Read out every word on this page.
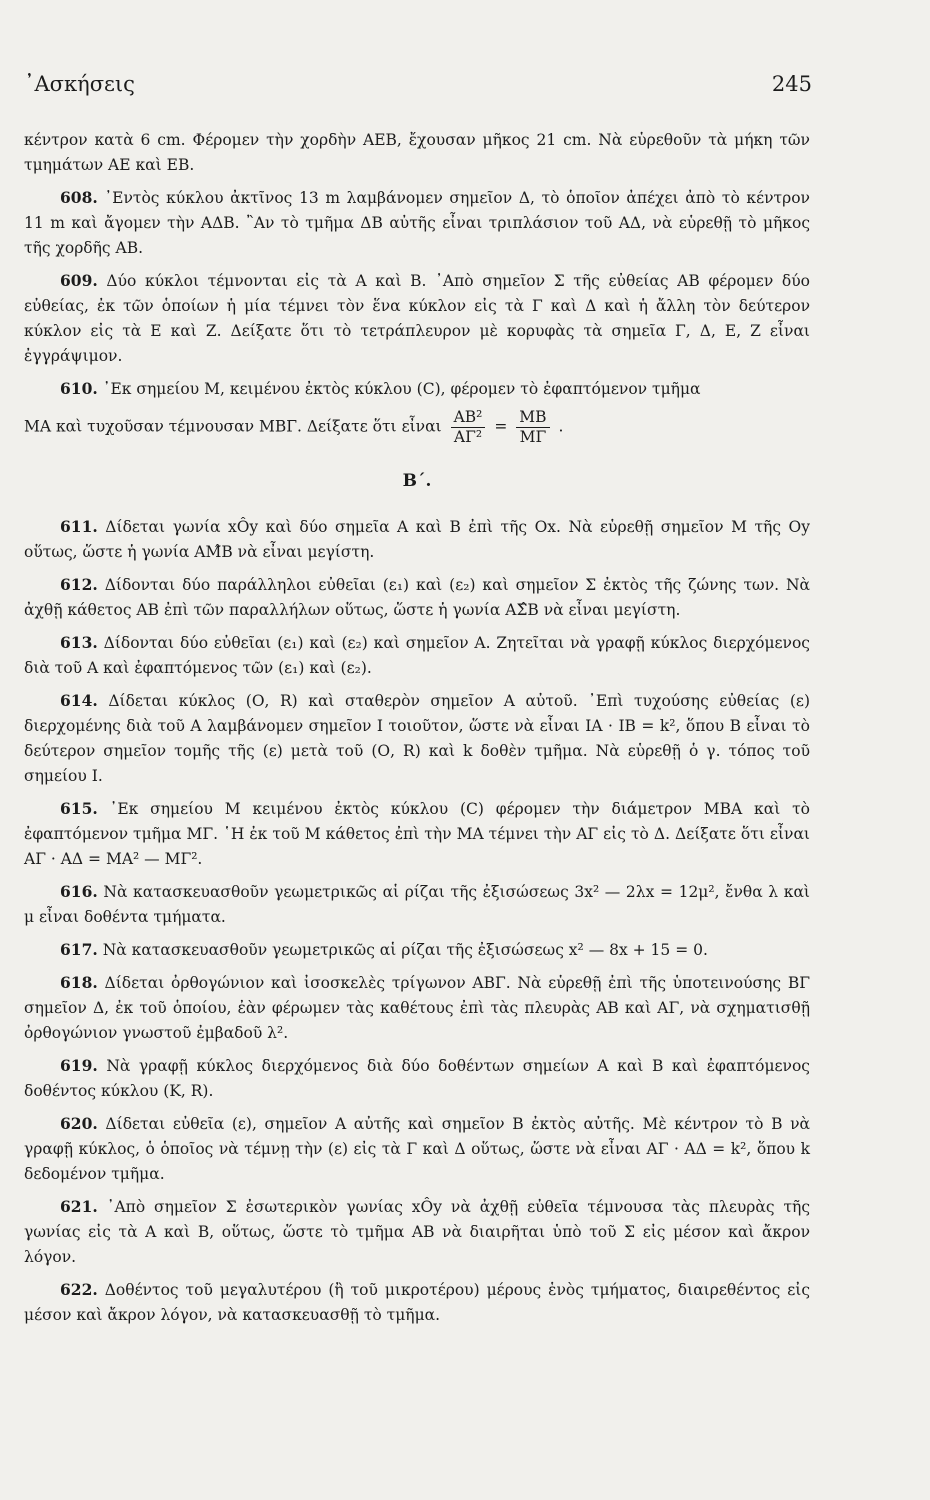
᾿Ασκήσεις	245

κέντρον κατὰ 6 cm. Φέρομεν τὴν χορδὴν ΑΕΒ, ἔχουσαν μῆκος 21 cm. Νὰ εὑρεθοῦν τὰ μήκη τῶν τμημάτων ΑΕ καὶ ΕΒ.

608. ᾿Εντὸς κύκλου ἀκτῖνος 13 m λαμβάνομεν σημεῖον Δ, τὸ ὁποῖον ἀπέχει ἀπὸ τὸ κέντρον 11 m καὶ ἄγομεν τὴν ΑΔΒ. ῍Αν τὸ τμῆμα ΔΒ αὐτῆς εἶναι τριπλάσιον τοῦ ΑΔ, νὰ εὑρεθῇ τὸ μῆκος τῆς χορδῆς ΑΒ.

609. Δύο κύκλοι τέμνονται εἰς τὰ Α καὶ Β. ᾿Απὸ σημεῖον Σ τῆς εὐθείας ΑΒ φέρομεν δύο εὐθείας, ἐκ τῶν ὁποίων ἡ μία τέμνει τὸν ἕνα κύκλον εἰς τὰ Γ καὶ Δ καὶ ἡ ἄλλη τὸν δεύτερον κύκλον εἰς τὰ Ε καὶ Ζ. Δείξατε ὅτι τὸ τετράπλευρον μὲ κορυφὰς τὰ σημεῖα Γ, Δ, Ε, Ζ εἶναι ἐγγράψιμον.

610. ᾿Εκ σημείου Μ, κειμένου ἐκτὸς κύκλου (C), φέρομεν τὸ ἐφαπτόμενον τμῆμα

ΜΑ καὶ τυχοῦσαν τέμνουσαν ΜΒΓ. Δείξατε ὅτι εἶναι $\frac{\text{ΑΒ²}}{\text{ΑΓ²}} = \frac{MB}{M\Gamma}$ .

Β΄.

611. Δίδεται γωνία xÔy καὶ δύο σημεῖα Α καὶ Β ἐπὶ τῆς Οx. Νὰ εὑρεθῇ σημεῖον Μ τῆς Οy οὕτως, ὥστε ἡ γωνία ΑΜ̂Β νὰ εἶναι μεγίστη.

612. Δίδονται δύο παράλληλοι εὐθεῖαι (ε₁) καὶ (ε₂) καὶ σημεῖον Σ ἐκτὸς τῆς ζώνης των. Νὰ ἀχθῇ κάθετος ΑΒ ἐπὶ τῶν παραλλήλων οὕτως, ὥστε ἡ γωνία ΑΣ̂Β νὰ εἶναι μεγίστη.

613. Δίδονται δύο εὐθεῖαι (ε₁) καὶ (ε₂) καὶ σημεῖον Α. Ζητεῖται νὰ γραφῇ κύκλος διερχόμενος διὰ τοῦ Α καὶ ἐφαπτόμενος τῶν (ε₁) καὶ (ε₂).

614. Δίδεται κύκλος (Ο, R) καὶ σταθερὸν σημεῖον Α αὐτοῦ. ᾿Επὶ τυχούσης εὐθείας (ε) διερχομένης διὰ τοῦ Α λαμβάνομεν σημεῖον Ι τοιοῦτον, ὥστε νὰ εἶναι ΙΑ · ΙΒ = k², ὅπου Β εἶναι τὸ δεύτερον σημεῖον τομῆς τῆς (ε) μετὰ τοῦ (Ο, R) καὶ k δοθὲν τμῆμα. Νὰ εὑρεθῇ ὁ γ. τόπος τοῦ σημείου Ι.

615. ᾿Εκ σημείου Μ κειμένου ἐκτὸς κύκλου (C) φέρομεν τὴν διάμετρον ΜΒΑ καὶ τὸ ἐφαπτόμενον τμῆμα ΜΓ. ῾Η ἐκ τοῦ Μ κάθετος ἐπὶ τὴν ΜΑ τέμνει τὴν ΑΓ εἰς τὸ Δ. Δείξατε ὅτι εἶναι ΑΓ · ΑΔ = ΜΑ² — ΜΓ².

616. Νὰ κατασκευασθοῦν γεωμετρικῶς αἱ ρίζαι τῆς ἐξισώσεως 3x² — 2λx = 12μ², ἔνθα λ καὶ μ εἶναι δοθέντα τμήματα.

617. Νὰ κατασκευασθοῦν γεωμετρικῶς αἱ ρίζαι τῆς ἐξισώσεως x² — 8x + 15 = 0.

618. Δίδεται ὀρθογώνιον καὶ ἰσοσκελὲς τρίγωνον ΑΒΓ. Νὰ εὑρεθῇ ἐπὶ τῆς ὑποτεινούσης ΒΓ σημεῖον Δ, ἐκ τοῦ ὁποίου, ἐὰν φέρωμεν τὰς καθέτους ἐπὶ τὰς πλευρὰς ΑΒ καὶ ΑΓ, νὰ σχηματισθῇ ὀρθογώνιον γνωστοῦ ἐμβαδοῦ λ².

619. Νὰ γραφῇ κύκλος διερχόμενος διὰ δύο δοθέντων σημείων Α καὶ Β καὶ ἐφαπτόμενος δοθέντος κύκλου (Κ, R).

620. Δίδεται εὐθεῖα (ε), σημεῖον Α αὐτῆς καὶ σημεῖον Β ἐκτὸς αὐτῆς. Μὲ κέντρον τὸ Β νὰ γραφῇ κύκλος, ὁ ὁποῖος νὰ τέμνῃ τὴν (ε) εἰς τὰ Γ καὶ Δ οὕτως, ὥστε νὰ εἶναι ΑΓ · ΑΔ = k², ὅπου k δεδομένον τμῆμα.

621. ᾿Απὸ σημεῖον Σ ἐσωτερικὸν γωνίας xÔy νὰ ἀχθῇ εὐθεῖα τέμνουσα τὰς πλευρὰς τῆς γωνίας εἰς τὰ Α καὶ Β, οὕτως, ὥστε τὸ τμῆμα ΑΒ νὰ διαιρῆται ὑπὸ τοῦ Σ εἰς μέσον καὶ ἄκρον λόγον.

622. Δοθέντος τοῦ μεγαλυτέρου (ἢ τοῦ μικροτέρου) μέρους ἑνὸς τμήματος, διαιρεθέντος εἰς μέσον καὶ ἄκρον λόγον, νὰ κατασκευασθῇ τὸ τμῆμα.
